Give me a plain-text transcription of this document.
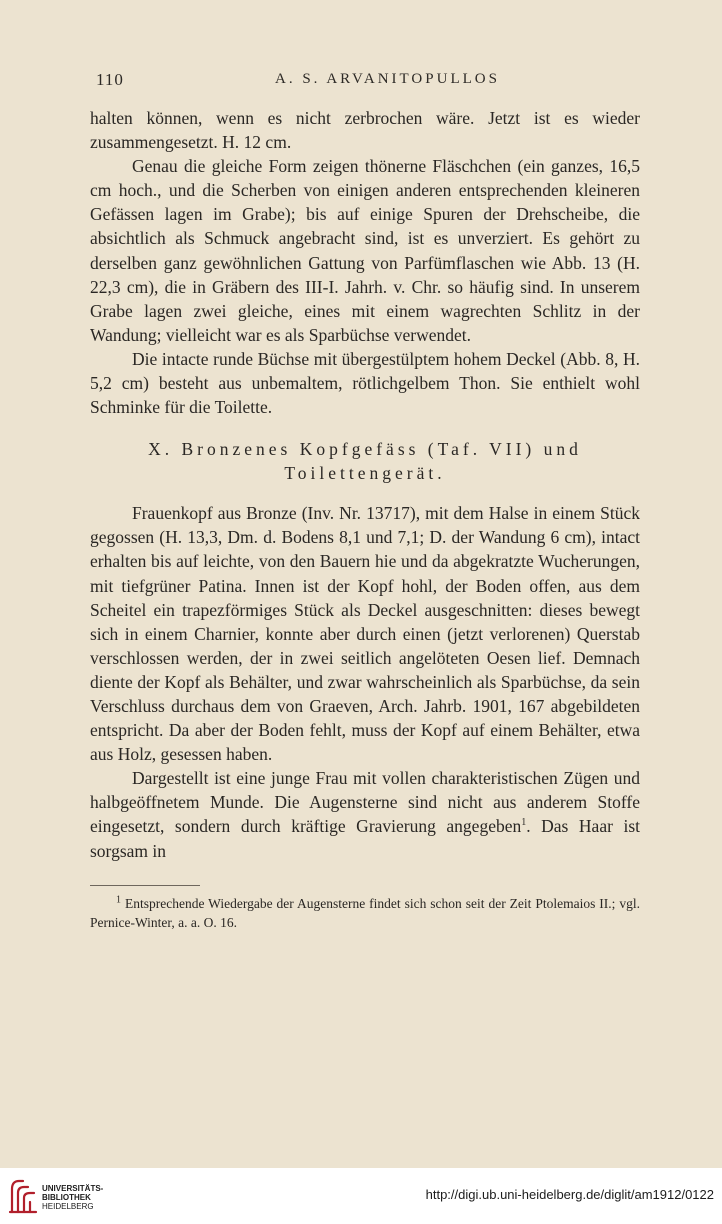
110	A. S. ARVANITOPULLOS

halten können, wenn es nicht zerbrochen wäre. Jetzt ist es wieder zusammengesetzt. H. 12 cm.

Genau die gleiche Form zeigen thönerne Fläschchen (ein ganzes, 16,5 cm hoch., und die Scherben von einigen anderen entsprechenden kleineren Gefässen lagen im Grabe); bis auf einige Spuren der Drehscheibe, die absichtlich als Schmuck angebracht sind, ist es unverziert. Es gehört zu derselben ganz gewöhnlichen Gattung von Parfümflaschen wie Abb. 13 (H. 22,3 cm), die in Gräbern des III-I. Jahrh. v. Chr. so häufig sind. In unserem Grabe lagen zwei gleiche, eines mit einem wagrechten Schlitz in der Wandung; vielleicht war es als Sparbüchse verwendet.

Die intacte runde Büchse mit übergestülptem hohem Deckel (Abb. 8, H. 5,2 cm) besteht aus unbemaltem, rötlichgelbem Thon. Sie enthielt wohl Schminke für die Toilette.

X. Bronzenes Kopfgefäss (Taf. VII) und
Toilettengerät.

Frauenkopf aus Bronze (Inv. Nr. 13717), mit dem Halse in einem Stück gegossen (H. 13,3, Dm. d. Bodens 8,1 und 7,1; D. der Wandung 6 cm), intact erhalten bis auf leichte, von den Bauern hie und da abgekratzte Wucherungen, mit tiefgrüner Patina. Innen ist der Kopf hohl, der Boden offen, aus dem Scheitel ein trapezförmiges Stück als Deckel ausgeschnitten: dieses bewegt sich in einem Charnier, konnte aber durch einen (jetzt verlorenen) Querstab verschlossen werden, der in zwei seitlich angelöteten Oesen lief. Demnach diente der Kopf als Behälter, und zwar wahrscheinlich als Sparbüchse, da sein Verschluss durchaus dem von Graeven, Arch. Jahrb. 1901, 167 abgebildeten entspricht. Da aber der Boden fehlt, muss der Kopf auf einem Behälter, etwa aus Holz, gesessen haben.

Dargestellt ist eine junge Frau mit vollen charakteristischen Zügen und halbgeöffnetem Munde. Die Augensterne sind nicht aus anderem Stoffe eingesetzt, sondern durch kräftige Gravierung angegeben$^1$. Das Haar ist sorgsam in

$^1$ Entsprechende Wiedergabe der Augensterne findet sich schon seit der Zeit Ptolemaios II.; vgl. Pernice-Winter, a. a. O. 16.

UNIVERSITÄTS-
BIBLIOTHEK
HEIDELBERG
http://digi.ub.uni-heidelberg.de/diglit/am1912/0122
